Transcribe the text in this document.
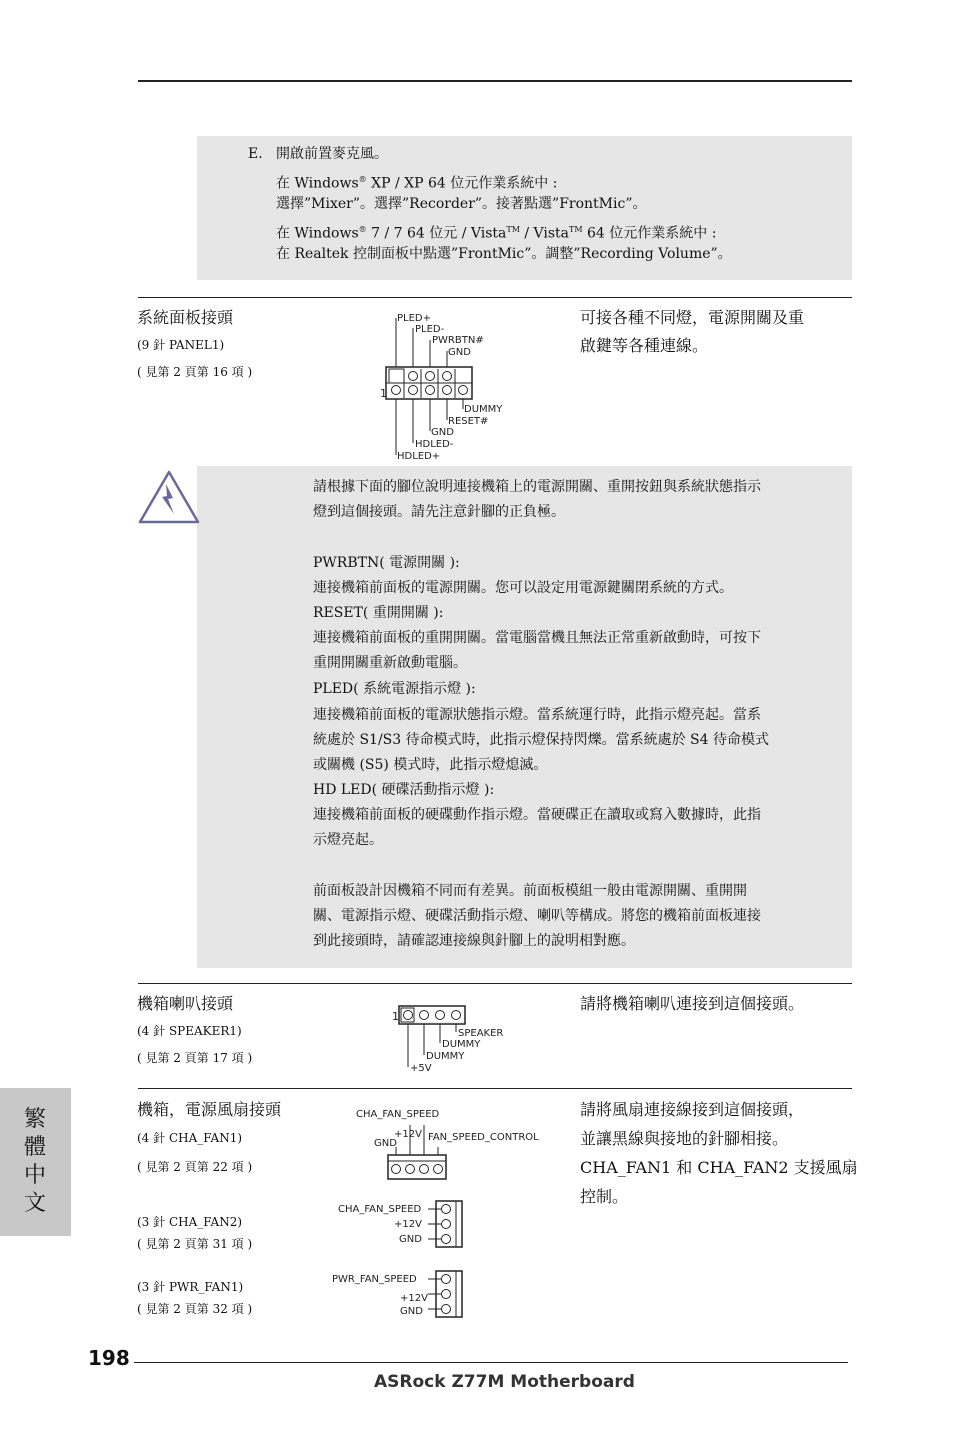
E. 開啟前置麥克風。
在 Windows® XP / XP 64 位元作業系統中 :
選擇”Mixer”。選擇”Recorder”。接著點選”FrontMic”。
在 Windows® 7 / 7 64 位元 / Vista™ / Vista™ 64 位元作業系統中 :
在 Realtek 控制面板中點選”FrontMic”。調整”Recording Volume”。
系統面板接頭
(9 針 PANEL1)
( 見第 2 頁第 16 項 )
可接各種不同燈，電源開關及重
啟鍵等各種連線。
1
PLED+
PLED-
PWRBTN#
GND
DUMMY
RESET#
GND
HDLED-
HDLED+
請根據下面的腳位說明連接機箱上的電源開關、重開按鈕與系統狀態指示
燈到這個接頭。請先注意針腳的正負極。
PWRBTN( 電源開關 ):
連接機箱前面板的電源開關。您可以設定用電源鍵關閉系統的方式。
RESET( 重開開關 ):
連接機箱前面板的重開開關。當電腦當機且無法正常重新啟動時，可按下
重開開關重新啟動電腦。
PLED( 系統電源指示燈 ):
連接機箱前面板的電源狀態指示燈。當系統運行時，此指示燈亮起。當系
統處於 S1/S3 待命模式時，此指示燈保持閃爍。當系統處於 S4 待命模式
或關機 (S5) 模式時，此指示燈熄滅。
HD LED( 硬碟活動指示燈 ):
連接機箱前面板的硬碟動作指示燈。當硬碟正在讀取或寫入數據時，此指
示燈亮起。
前面板設計因機箱不同而有差異。前面板模組一般由電源開關、重開開
關、電源指示燈、硬碟活動指示燈、喇叭等構成。將您的機箱前面板連接
到此接頭時，請確認連接線與針腳上的說明相對應。
機箱喇叭接頭
(4 針 SPEAKER1)
( 見第 2 頁第 17 項 )
請將機箱喇叭連接到這個接頭。
1
SPEAKER
DUMMY
DUMMY
+5V
機箱，電源風扇接頭
(4 針 CHA_FAN1)
( 見第 2 頁第 22 項 )
(3 針 CHA_FAN2)
( 見第 2 頁第 31 項 )
(3 針 PWR_FAN1)
( 見第 2 頁第 32 項 )
請將風扇連接線接到這個接頭，
並讓黑線與接地的針腳相接。
CHA_FAN1 和 CHA_FAN2 支援風扇
控制。
CHA_FAN_SPEED
+12V
GND
FAN_SPEED_CONTROL
CHA_FAN_SPEED
+12V
GND
PWR_FAN_SPEED
+12V
GND
繁體中文
198
ASRock Z77M Motherboard
